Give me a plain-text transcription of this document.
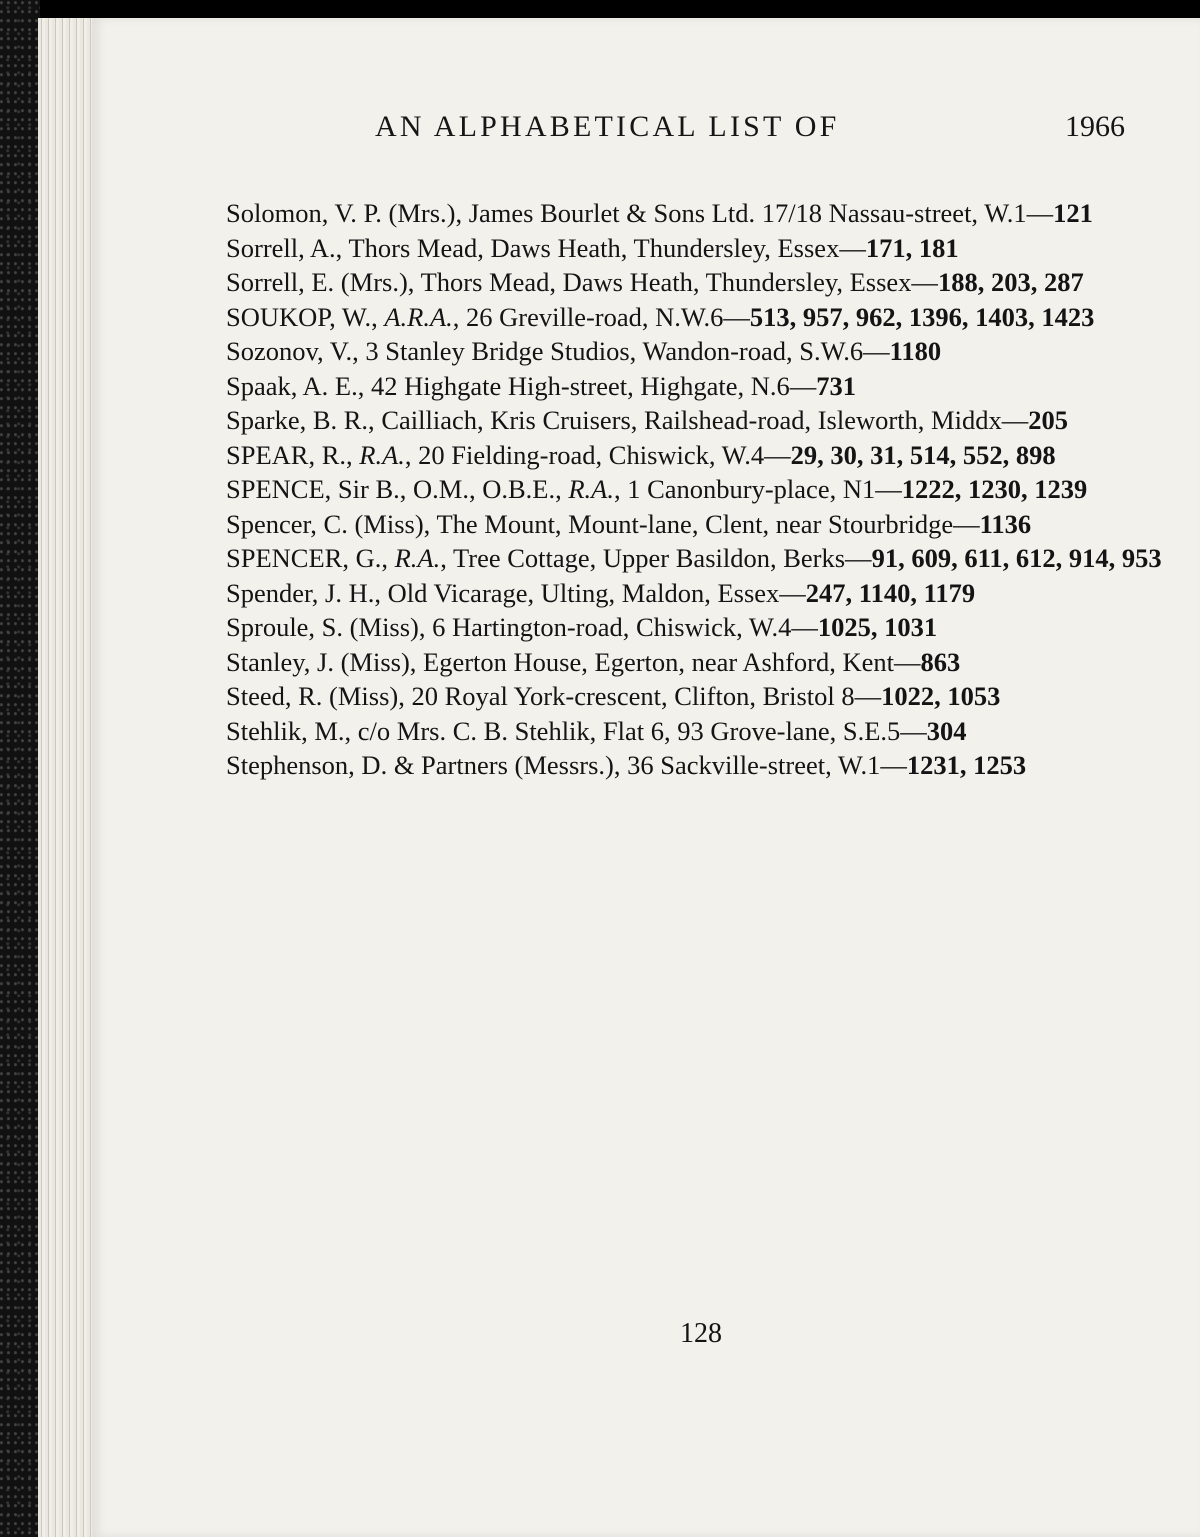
AN ALPHABETICAL LIST OF	1966

Solomon, V. P. (Mrs.), James Bourlet & Sons Ltd. 17/18 Nassau-street, W.1—121

Sorrell, A., Thors Mead, Daws Heath, Thundersley, Essex—171, 181

Sorrell, E. (Mrs.), Thors Mead, Daws Heath, Thundersley, Essex—188, 203, 287

SOUKOP, W., A.R.A., 26 Greville-road, N.W.6—513, 957, 962, 1396, 1403, 1423

Sozonov, V., 3 Stanley Bridge Studios, Wandon-road, S.W.6—1180

Spaak, A. E., 42 Highgate High-street, Highgate, N.6—731

Sparke, B. R., Cailliach, Kris Cruisers, Railshead-road, Isleworth, Middx—205

SPEAR, R., R.A., 20 Fielding-road, Chiswick, W.4—29, 30, 31, 514, 552, 898

SPENCE, Sir B., O.M., O.B.E., R.A., 1 Canonbury-place, N1—1222, 1230, 1239

Spencer, C. (Miss), The Mount, Mount-lane, Clent, near Stourbridge—1136

SPENCER, G., R.A., Tree Cottage, Upper Basildon, Berks—91, 609, 611, 612, 914, 953

Spender, J. H., Old Vicarage, Ulting, Maldon, Essex—247, 1140, 1179

Sproule, S. (Miss), 6 Hartington-road, Chiswick, W.4—1025, 1031

Stanley, J. (Miss), Egerton House, Egerton, near Ashford, Kent—863

Steed, R. (Miss), 20 Royal York-crescent, Clifton, Bristol 8—1022, 1053

Stehlik, M., c/o Mrs. C. B. Stehlik, Flat 6, 93 Grove-lane, S.E.5—304

Stephenson, D. & Partners (Messrs.), 36 Sackville-street, W.1—1231, 1253

128
